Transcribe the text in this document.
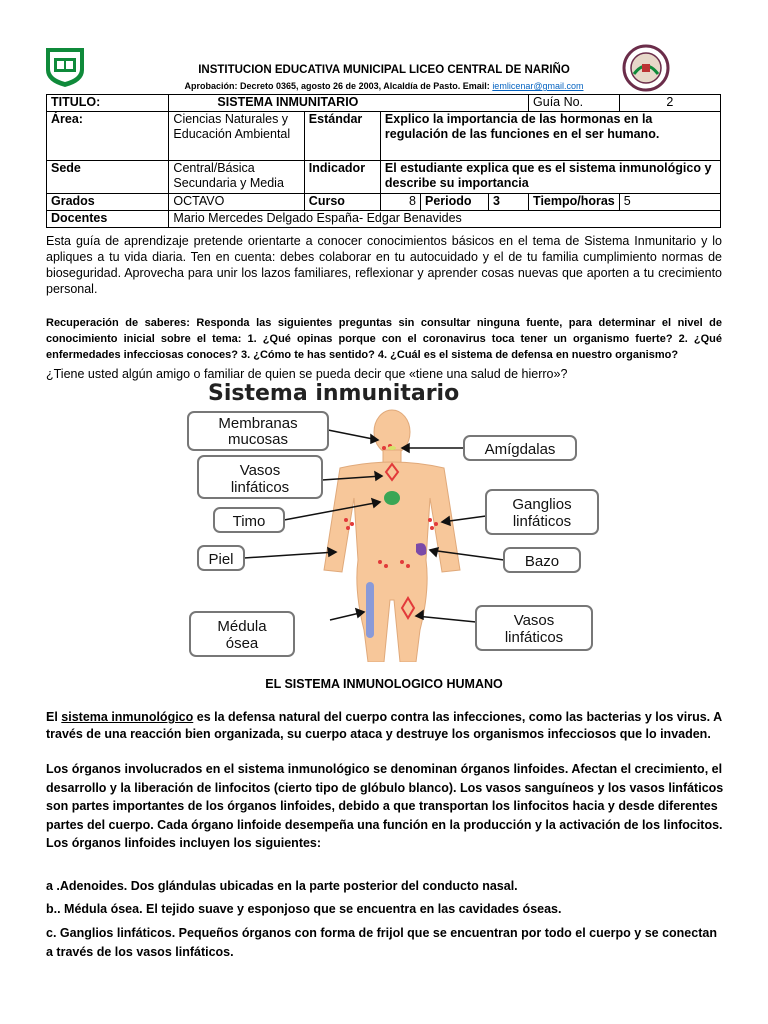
INSTITUCION EDUCATIVA MUNICIPAL LICEO CENTRAL DE NARIÑO
Aprobación: Decreto 0365, agosto 26 de 2003, Alcaldía de Pasto. Email: iemlicenar@gmail.com
TITULO:	SISTEMA INMUNITARIO					Guía No.	2
Área:	Ciencias Naturales y Educación Ambiental	Estándar	Explico la importancia de las hormonas en la regulación de las funciones en el ser humano.				
Sede	Central/Básica Secundaria y Media	Indicador	El estudiante explica que es el sistema inmunológico y describe su importancia				
Grados	OCTAVO	Curso	8	Periodo	3	Tiempo/horas	5
Docentes	Mario Mercedes Delgado España- Edgar Benavides						
Esta guía de aprendizaje pretende orientarte a conocer conocimientos básicos en el tema de Sistema Inmunitario y lo apliques a tu vida diaria. Ten en cuenta: debes colaborar en tu autocuidado y el de tu familia cumplimiento normas de bioseguridad. Aprovecha para unir los lazos familiares, reflexionar y aprender cosas nuevas que aporten a tu crecimiento personal.
Recuperación de saberes: Responda las siguientes preguntas sin consultar ninguna fuente, para determinar el nivel de conocimiento inicial sobre el tema: 1. ¿Qué opinas porque con el coronavirus toca tener un organismo fuerte? 2. ¿Qué enfermedades infecciosas conoces? 3. ¿Cómo te has sentido? 4. ¿Cuál es el sistema de defensa en nuestro organismo?
¿Tiene usted algún amigo o familiar de quien se pueda decir que «tiene una salud de hierro»?
Sistema inmunitario
Membranas
mucosas
Vasos
linfáticos
Timo
Piel
Médula
ósea
Amígdalas
Ganglios
linfáticos
Bazo
Vasos
linfáticos
EL SISTEMA INMUNOLOGICO HUMANO
El sistema inmunológico es la defensa natural del cuerpo contra las infecciones, como las bacterias y los virus. A través de una reacción bien organizada, su cuerpo ataca y destruye los organismos infecciosos que lo invaden.
Los órganos involucrados en el sistema inmunológico se denominan órganos linfoides. Afectan el crecimiento, el desarrollo y la liberación de linfocitos (cierto tipo de glóbulo blanco). Los vasos sanguíneos y los vasos linfáticos son partes importantes de los órganos linfoides, debido a que transportan los linfocitos hacia y desde diferentes partes del cuerpo. Cada órgano linfoide desempeña una función en la producción y la activación de los linfocitos. Los órganos linfoides incluyen los siguientes:
a .Adenoides. Dos glándulas ubicadas en la parte posterior del conducto nasal.
b.. Médula ósea. El tejido suave y esponjoso que se encuentra en las cavidades óseas.
c. Ganglios linfáticos. Pequeños órganos con forma de frijol que se encuentran por todo el cuerpo y se conectan a través de los vasos linfáticos.
